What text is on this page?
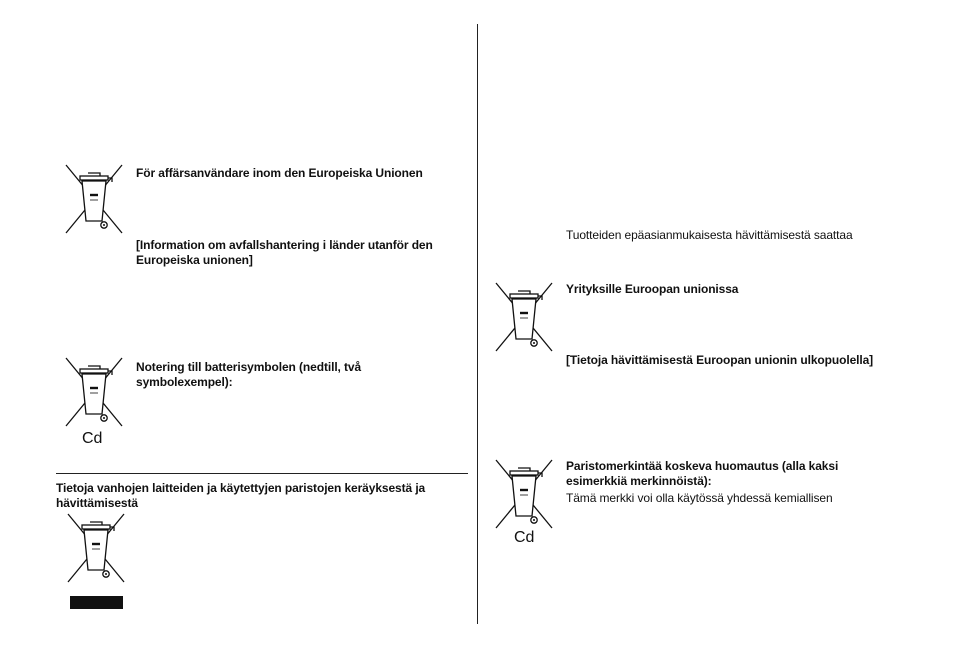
För affärsanvändare inom den Europeiska Unionen
[Information om avfallshantering i länder utanför den Europeiska unionen]
Cd
Notering till batterisymbolen (nedtill, två symbolexempel):
Tietoja vanhojen laitteiden ja käytettyjen paristojen keräyksestä ja hävittämisestä
Tuotteiden epäasianmukaisesta hävittämisestä saattaa
Yrityksille Euroopan unionissa
[Tietoja hävittämisestä Euroopan unionin ulkopuolella]
Cd
Paristomerkintää koskeva huomautus (alla kaksi esimerkkiä merkinnöistä):
Tämä merkki voi olla käytössä yhdessä kemiallisen
